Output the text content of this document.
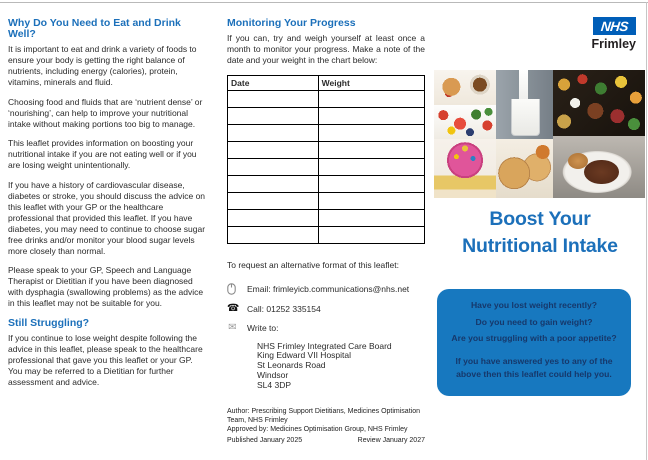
Why Do You Need to Eat and Drink Well?

It is important to eat and drink a variety of foods to ensure your body is getting the right balance of nutrients, including energy (calories), protein, vitamins, minerals and fluid.

Choosing food and fluids that are ‘nutrient dense’ or ‘nourishing’, can help to improve your nutritional intake without making portions too big to manage.

This leaflet provides information on boosting your nutritional intake if you are not eating well or if you are losing weight unintentionally.

If you have a history of cardiovascular disease, diabetes or stroke, you should discuss the advice on this leaflet with your GP or the healthcare professional that provided this leaflet. If you have diabetes, you may need to continue to choose sugar free drinks and/or monitor your blood sugar levels more closely than normal.

Please speak to your GP, Speech and Language Therapist or Dietitian if you have been diagnosed with dysphagia (swallowing problems) as the advice in this leaflet may not be suitable for you.

Still Struggling?

If you continue to lose weight despite following the advice in this leaflet, please speak to the healthcare professional that gave you this leaflet or your GP. You may be referred to a Dietitian for further assessment and advice.

Monitoring Your Progress

If you can, try and weigh yourself at least once a month to monitor your progress. Make a note of the date and your weight in the chart below:

Date	Weight

To request an alternative format of this leaflet:

Email: frimleyicb.communications@nhs.net
☎ Call: 01252 335154
✉ Write to:
NHS Frimley Integrated Care Board
King Edward VII Hospital
St Leonards Road
Windsor
SL4 3DP
Author: Prescribing Support Dietitians, Medicines Optimisation Team, NHS Frimley
Approved by: Medicines Optimisation Group, NHS Frimley
Published January 2025	Review January 2027
NHS
Frimley
Boost Your
Nutritional Intake

Have you lost weight recently?

Do you need to gain weight?

Are you struggling with a poor appetite?

If you have answered yes to any of the above then this leaflet could help you.
